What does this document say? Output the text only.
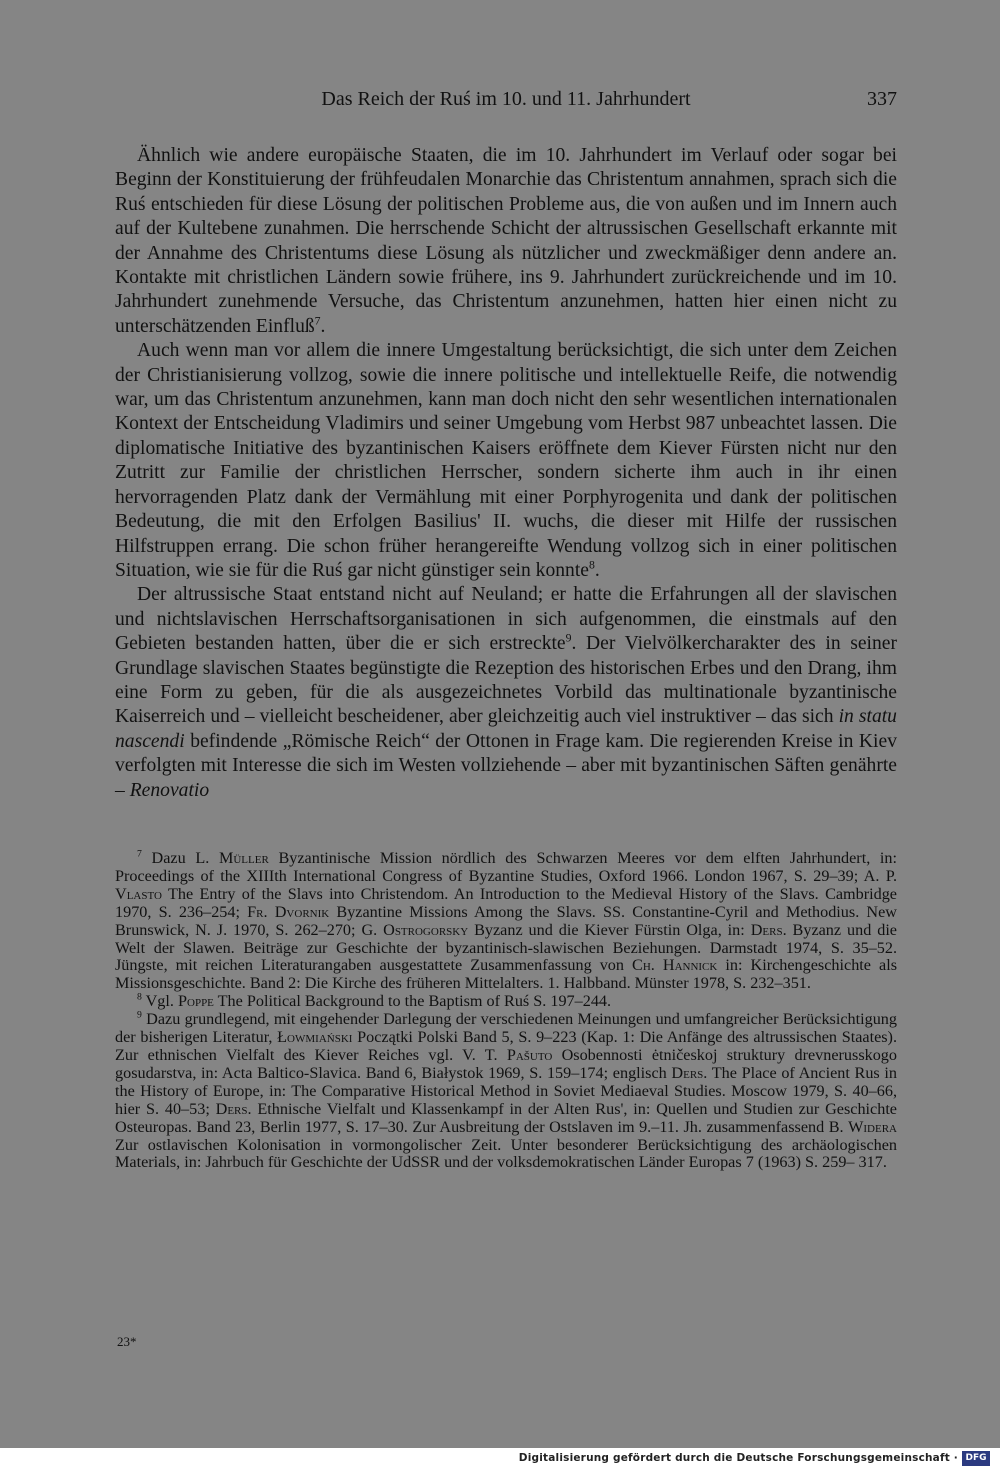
Das Reich der Ruś im 10. und 11. Jahrhundert	337

Ähnlich wie andere europäische Staaten, die im 10. Jahrhundert im Verlauf oder sogar bei Beginn der Konstituierung der frühfeudalen Monarchie das Christentum annahmen, sprach sich die Ruś entschieden für diese Lösung der politischen Probleme aus, die von außen und im Innern auch auf der Kultebene zunahmen. Die herrschende Schicht der altrussischen Gesellschaft erkannte mit der Annahme des Christentums diese Lösung als nützlicher und zweckmäßiger denn andere an. Kontakte mit christlichen Ländern sowie frühere, ins 9. Jahrhundert zurückreichende und im 10. Jahrhundert zunehmende Versuche, das Christentum anzunehmen, hatten hier einen nicht zu unterschätzenden Einfluß$^7$.

Auch wenn man vor allem die innere Umgestaltung berücksichtigt, die sich unter dem Zeichen der Christianisierung vollzog, sowie die innere politische und intellektuelle Reife, die notwendig war, um das Christentum anzunehmen, kann man doch nicht den sehr wesentlichen internationalen Kontext der Entscheidung Vladimirs und seiner Umgebung vom Herbst 987 unbeachtet lassen. Die diplomatische Initiative des byzantinischen Kaisers eröffnete dem Kiever Fürsten nicht nur den Zutritt zur Familie der christlichen Herrscher, sondern sicherte ihm auch in ihr einen hervorragenden Platz dank der Vermählung mit einer Porphyrogenita und dank der politischen Bedeutung, die mit den Erfolgen Basilius' II. wuchs, die dieser mit Hilfe der russischen Hilfstruppen errang. Die schon früher herangereifte Wendung vollzog sich in einer politischen Situation, wie sie für die Ruś gar nicht günstiger sein konnte$^8$.

Der altrussische Staat entstand nicht auf Neuland; er hatte die Erfahrungen all der slavischen und nichtslavischen Herrschaftsorganisationen in sich aufgenommen, die einstmals auf den Gebieten bestanden hatten, über die er sich erstreckte$^9$. Der Vielvölkercharakter des in seiner Grundlage slavischen Staates begünstigte die Rezeption des historischen Erbes und den Drang, ihm eine Form zu geben, für die als ausgezeichnetes Vorbild das multinationale byzantinische Kaiserreich und – vielleicht bescheidener, aber gleichzeitig auch viel instruktiver – das sich in statu nascendi befindende „Römische Reich“ der Ottonen in Frage kam. Die regierenden Kreise in Kiev verfolgten mit Interesse die sich im Westen vollziehende – aber mit byzantinischen Säften genährte – Renovatio

$^7$ Dazu L. Müller Byzantinische Mission nördlich des Schwarzen Meeres vor dem elften Jahrhundert, in: Proceedings of the XIIIth International Congress of Byzantine Studies, Oxford 1966. London 1967, S. 29–39; A. P. Vlasto The Entry of the Slavs into Christendom. An Introduction to the Medieval History of the Slavs. Cambridge 1970, S. 236–254; Fr. Dvornik Byzantine Missions Among the Slavs. SS. Constantine-Cyril and Methodius. New Brunswick, N. J. 1970, S. 262–270; G. Ostrogorsky Byzanz und die Kiever Fürstin Olga, in: Ders. Byzanz und die Welt der Slawen. Beiträge zur Geschichte der byzantinisch-slawischen Beziehungen. Darmstadt 1974, S. 35–52. Jüngste, mit reichen Literaturangaben ausgestattete Zusammenfassung von Ch. Hannick in: Kirchengeschichte als Missionsgeschichte. Band 2: Die Kirche des früheren Mittelalters. 1. Halbband. Münster 1978, S. 232–351.

$^8$ Vgl. Poppe The Political Background to the Baptism of Ruś S. 197–244.

$^9$ Dazu grundlegend, mit eingehender Darlegung der verschiedenen Meinungen und umfangreicher Berücksichtigung der bisherigen Literatur, Łowmiański Początki Polski Band 5, S. 9–223 (Kap. 1: Die Anfänge des altrussischen Staates). Zur ethnischen Vielfalt des Kiever Reiches vgl. V. T. Pašuto Osobennosti ėtničeskoj struktury drevnerusskogo gosudarstva, in: Acta Baltico-Slavica. Band 6, Białystok 1969, S. 159–174; englisch Ders. The Place of Ancient Rus in the History of Europe, in: The Comparative Historical Method in Soviet Mediaeval Studies. Moscow 1979, S. 40–66, hier S. 40–53; Ders. Ethnische Vielfalt und Klassenkampf in der Alten Rus', in: Quellen und Studien zur Geschichte Osteuropas. Band 23, Berlin 1977, S. 17–30. Zur Ausbreitung der Ostslaven im 9.–11. Jh. zusammenfassend B. Widera Zur ostlavischen Kolonisation in vormongolischer Zeit. Unter besonderer Berücksichtigung des archäologischen Materials, in: Jahrbuch für Geschichte der UdSSR und der volksdemokratischen Länder Europas 7 (1963) S. 259– 317.

23*
Digitalisierung gefördert durch die Deutsche Forschungsgemeinschaft · DFG
